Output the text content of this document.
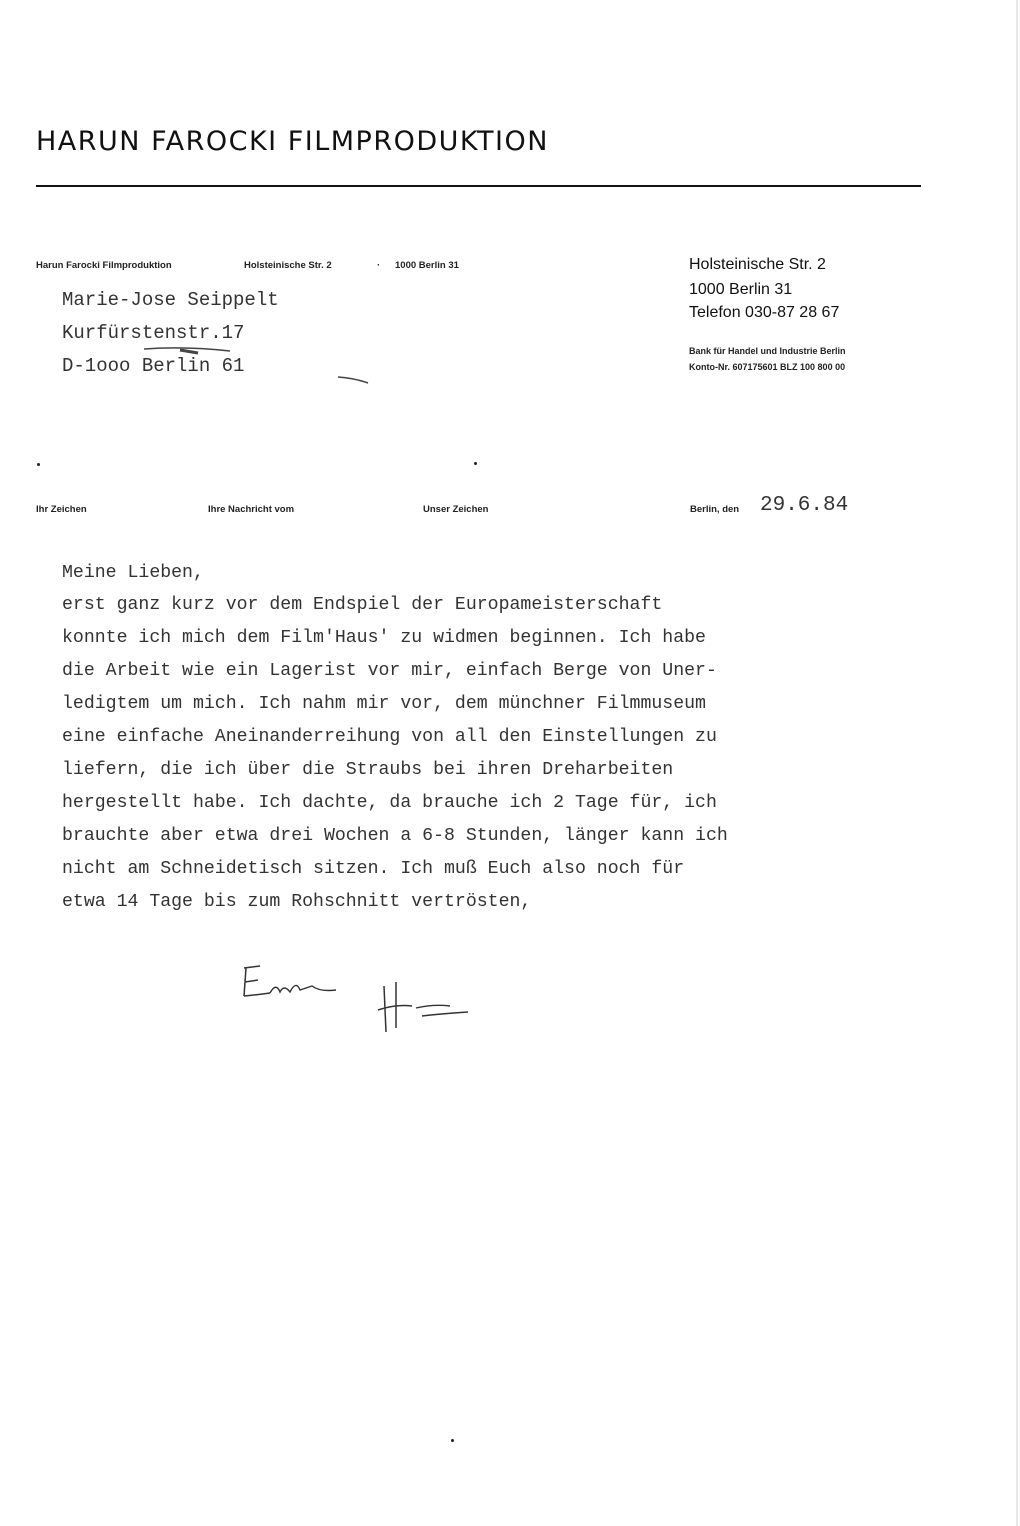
HARUN FAROCKI FILMPRODUKTION
Harun Farocki Filmproduktion	Holsteinische Str. 2	· 1000 Berlin 31
Marie-Jose Seippelt
Kurfürstenstr.17
D-1ooo Berlin 61
Holsteinische Str. 2
1000 Berlin 31
Telefon 030-87 28 67
Bank für Handel und Industrie Berlin
Konto-Nr. 607175601 BLZ 100 800 00
Ihr Zeichen	Ihre Nachricht vom	Unser Zeichen	Berlin, den 29.6.84
Meine Lieben,
erst ganz kurz vor dem Endspiel der Europameisterschaft
konnte ich mich dem Film'Haus' zu widmen beginnen. Ich habe
die Arbeit wie ein Lagerist vor mir, einfach Berge von Uner-
ledigtem um mich. Ich nahm mir vor, dem münchner Filmmuseum
eine einfache Aneinanderreihung von all den Einstellungen zu
liefern, die ich über die Straubs bei ihren Dreharbeiten
hergestellt habe. Ich dachte, da brauche ich 2 Tage für, ich
brauchte aber etwa drei Wochen a 6-8 Stunden, länger kann ich
nicht am Schneidetisch sitzen. Ich muß Euch also noch für
etwa 14 Tage bis zum Rohschnitt vertrösten,
